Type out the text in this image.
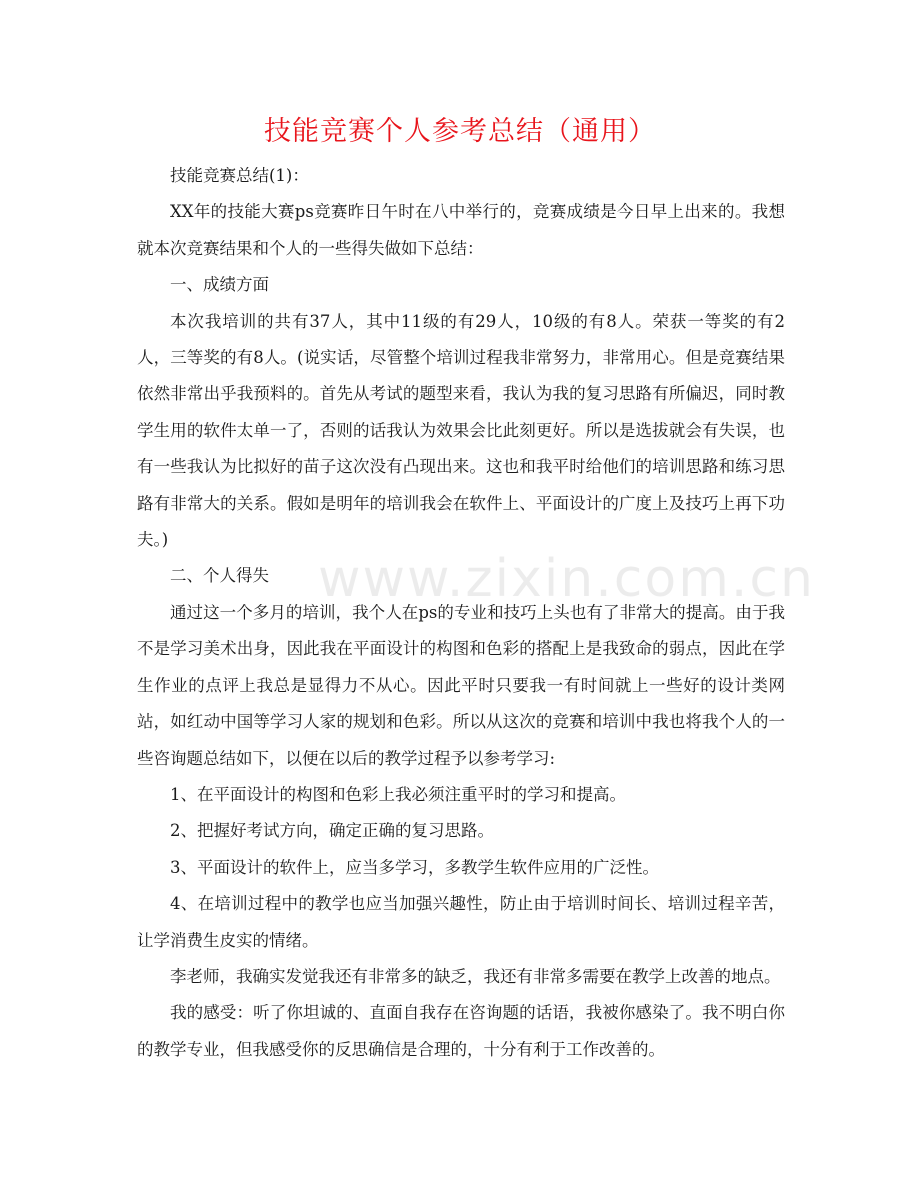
技能竞赛个人参考总结（通用）
www.zixin.com.cn

技能竞赛总结(1)：

XX年的技能大赛ps竞赛昨日午时在八中举行的，竞赛成绩是今日早上出来的。我想就本次竞赛结果和个人的一些得失做如下总结：

一、成绩方面

本次我培训的共有37人，其中11级的有29人，10级的有8人。荣获一等奖的有2人，三等奖的有8人。(说实话，尽管整个培训过程我非常努力，非常用心。但是竞赛结果依然非常出乎我预料的。首先从考试的题型来看，我认为我的复习思路有所偏迟，同时教学生用的软件太单一了，否则的话我认为效果会比此刻更好。所以是选拔就会有失误，也有一些我认为比拟好的苗子这次没有凸现出来。这也和我平时给他们的培训思路和练习思路有非常大的关系。假如是明年的培训我会在软件上、平面设计的广度上及技巧上再下功夫。)

二、个人得失

通过这一个多月的培训，我个人在ps的专业和技巧上头也有了非常大的提高。由于我不是学习美术出身，因此我在平面设计的构图和色彩的搭配上是我致命的弱点，因此在学生作业的点评上我总是显得力不从心。因此平时只要我一有时间就上一些好的设计类网站，如红动中国等学习人家的规划和色彩。所以从这次的竞赛和培训中我也将我个人的一些咨询题总结如下，以便在以后的教学过程予以参考学习:

1、在平面设计的构图和色彩上我必须注重平时的学习和提高。

2、把握好考试方向，确定正确的复习思路。

3、平面设计的软件上，应当多学习，多教学生软件应用的广泛性。

4、在培训过程中的教学也应当加强兴趣性，防止由于培训时间长、培训过程辛苦，让学消费生皮实的情绪。

李老师，我确实发觉我还有非常多的缺乏，我还有非常多需要在教学上改善的地点。

我的感受：听了你坦诚的、直面自我存在咨询题的话语，我被你感染了。我不明白你的教学专业，但我感受你的反思确信是合理的，十分有利于工作改善的。
